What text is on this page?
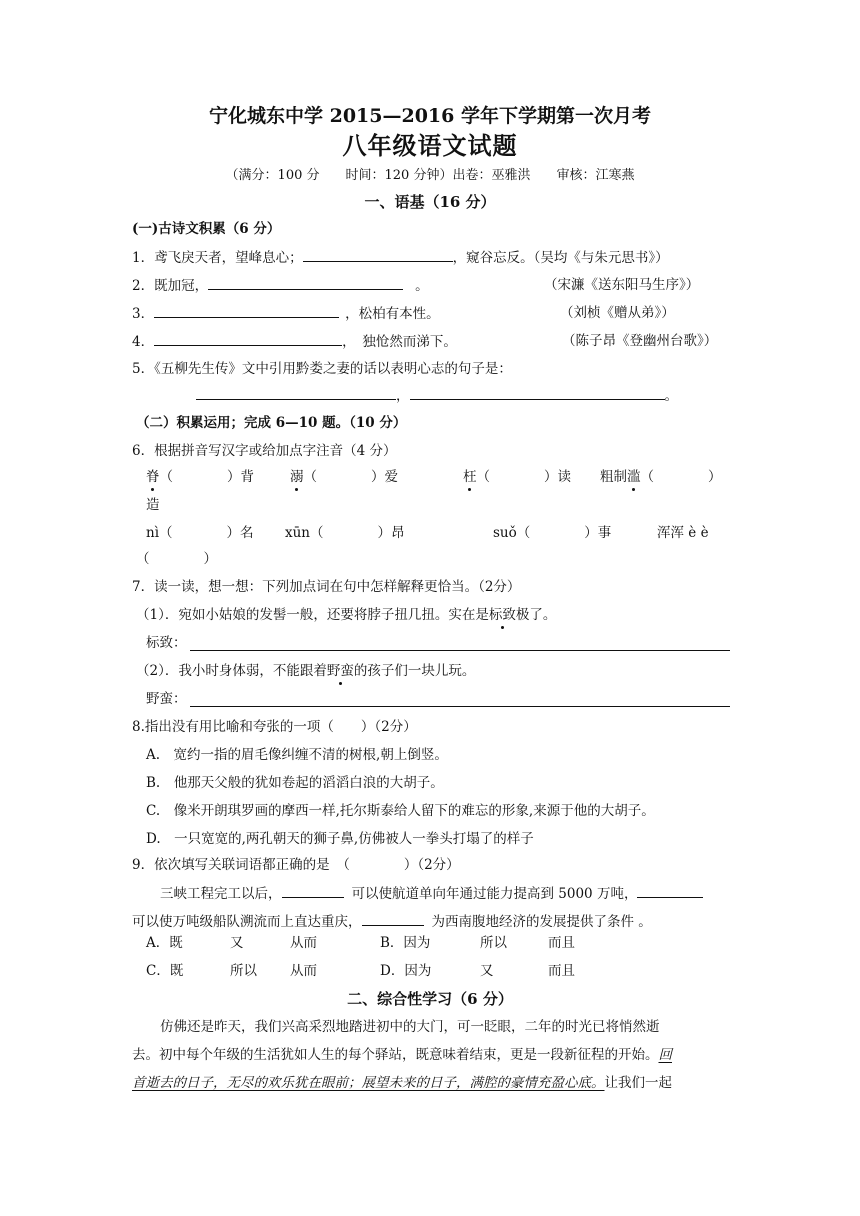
宁化城东中学 2015—2016 学年下学期第一次月考
八年级语文试题
（满分：100 分　　时间：120 分钟）出卷：巫雅洪　　审核：江寒燕
一、语基（16 分）
(一)古诗文积累（6 分）
1．鸢飞戾天者，望峰息心；	，窥谷忘反。（吴均《与朱元思书》）
2．既加冠，	。	（宋濂《送东阳马生序》）
3．	，松柏有本性。	（刘桢《赠从弟》）
4．	，　独怆然而涕下。	（陈子昂《登幽州台歌》）
5．《五柳先生传》文中引用黔娄之妻的话以表明心志的句子是：
，	。
（二）积累运用；完成 6—10 题。（10 分）
6．根据拼音写汉字或给加点字注音（4 分）
脊（　　　　）背	溺（　　　　）爱	枉（　　　　）读 粗制滥（　　　　）
造
nì（　　　　）名 xūn（　　　　）昂	suǒ（　　　　）事	浑浑 è è
（　　　　）
7．读一读，想一想：下列加点词在句中怎样解释更恰当。（2分）
（1）．宛如小姑娘的发髻一般，还要将脖子扭几扭。实在是标致极了。
标致：
（2）．我小时身体弱，不能跟着野蛮的孩子们一块儿玩。
野蛮：
8.指出没有用比喻和夸张的一项（　　）（2分）
A.　宽约一指的眉毛像纠缠不清的树根,朝上倒竖。
B.　他那天父般的犹如卷起的滔滔白浪的大胡子。
C.　像米开朗琪罗画的摩西一样,托尔斯泰给人留下的难忘的形象,来源于他的大胡子。
D.　一只宽宽的,两孔朝天的狮子鼻,仿佛被人一拳头打塌了的样子
9．依次填写关联词语都正确的是　（　　　　）（2分）
三峡工程完工以后，	可以使航道单向年通过能力提高到 5000 万吨，
可以使万吨级船队溯流而上直达重庆，	为西南腹地经济的发展提供了条件 。
A．既	又	从而	B．因为	所以	而且
C．既	所以 从而	D．因为	又	而且
二、综合性学习（6 分）
仿佛还是昨天，我们兴高采烈地踏进初中的大门，可一眨眼，二年的时光已将悄然逝
去。初中每个年级的生活犹如人生的每个驿站，既意味着结束，更是一段新征程的开始。回
首逝去的日子，无尽的欢乐犹在眼前；展望未来的日子，满腔的豪情充盈心底。让我们一起
